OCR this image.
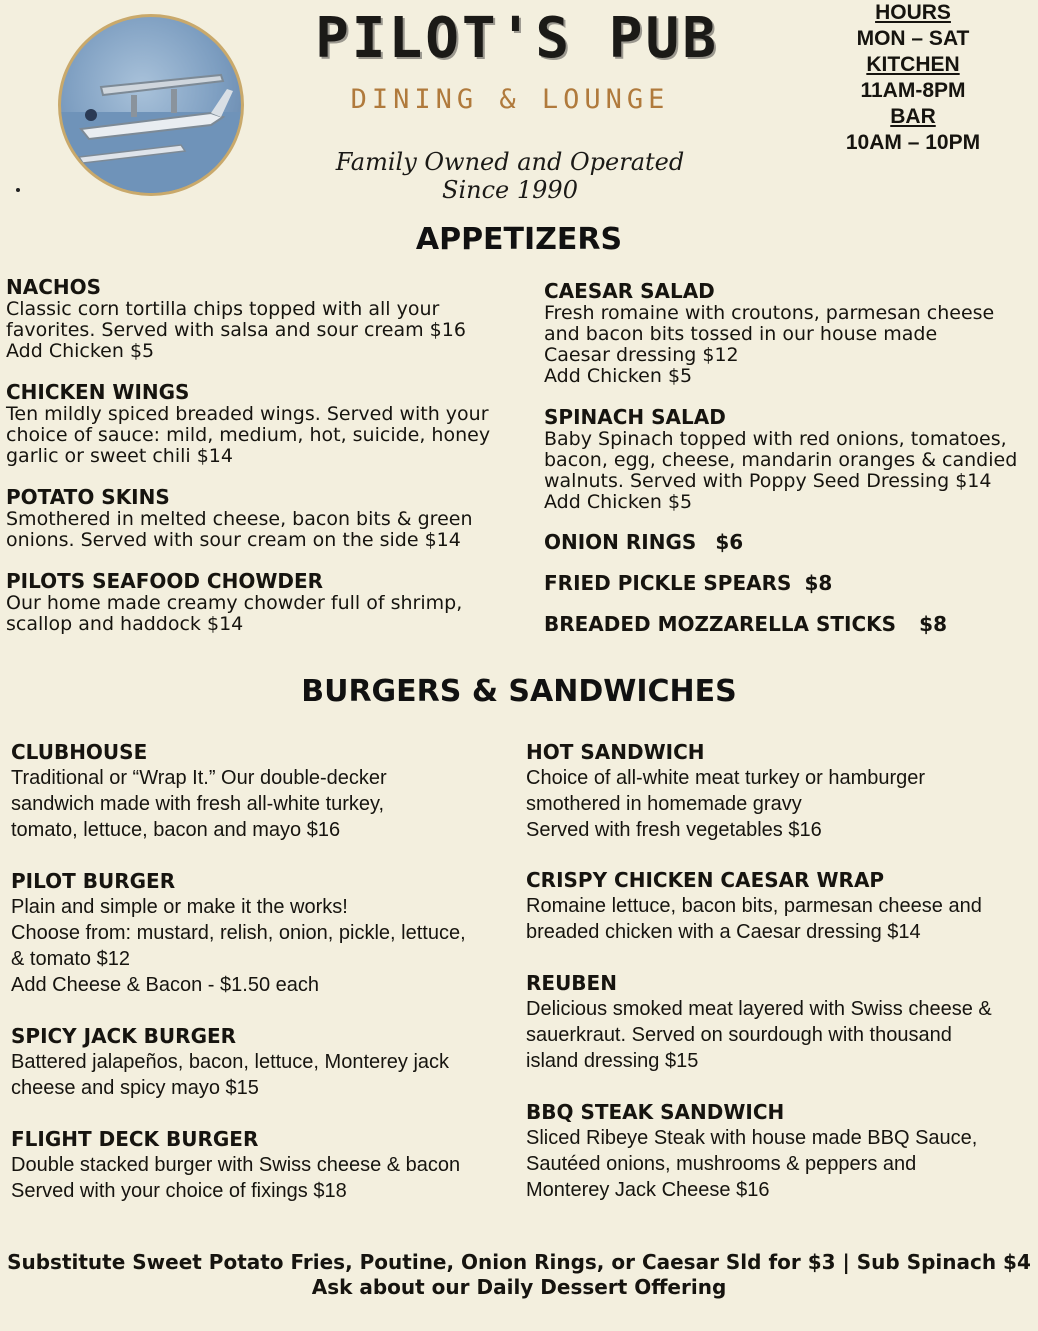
PILOT'S PUB
DINING & LOUNGE
Family Owned and Operated Since 1990
HOURS
MON – SAT
KITCHEN
11AM-8PM
BAR
10AM – 10PM
APPETIZERS
NACHOS
Classic corn tortilla chips topped with all your
favorites. Served with salsa and sour cream $16
Add Chicken $5
CHICKEN WINGS
Ten mildly spiced breaded wings. Served with your
choice of sauce: mild, medium, hot, suicide, honey
garlic or sweet chili $14
POTATO SKINS
Smothered in melted cheese, bacon bits & green
onions. Served with sour cream on the side $14
PILOTS SEAFOOD CHOWDER
Our home made creamy chowder full of shrimp,
scallop and haddock $14
CAESAR SALAD
Fresh romaine with croutons, parmesan cheese
and bacon bits tossed in our house made
Caesar dressing $12
Add Chicken $5
SPINACH SALAD
Baby Spinach topped with red onions, tomatoes,
bacon, egg, cheese, mandarin oranges & candied
walnuts. Served with Poppy Seed Dressing $14
Add Chicken $5
ONION RINGS $6
FRIED PICKLE SPEARS $8
BREADED MOZZARELLA STICKS $8
BURGERS & SANDWICHES
CLUBHOUSE
Traditional or “Wrap It.” Our double-decker
sandwich made with fresh all-white turkey,
tomato, lettuce, bacon and mayo $16
PILOT BURGER
Plain and simple or make it the works!
Choose from: mustard, relish, onion, pickle, lettuce,
& tomato $12
Add Cheese & Bacon - $1.50 each
SPICY JACK BURGER
Battered jalapeños, bacon, lettuce, Monterey jack
cheese and spicy mayo $15
FLIGHT DECK BURGER
Double stacked burger with Swiss cheese & bacon
Served with your choice of fixings $18
HOT SANDWICH
Choice of all-white meat turkey or hamburger
smothered in homemade gravy
Served with fresh vegetables $16
CRISPY CHICKEN CAESAR WRAP
Romaine lettuce, bacon bits, parmesan cheese and
breaded chicken with a Caesar dressing $14
REUBEN
Delicious smoked meat layered with Swiss cheese &
sauerkraut. Served on sourdough with thousand
island dressing $15
BBQ STEAK SANDWICH
Sliced Ribeye Steak with house made BBQ Sauce,
Sautéed onions, mushrooms & peppers and
Monterey Jack Cheese $16
Substitute Sweet Potato Fries, Poutine, Onion Rings, or Caesar Sld for $3 | Sub Spinach $4
Ask about our Daily Dessert Offering
